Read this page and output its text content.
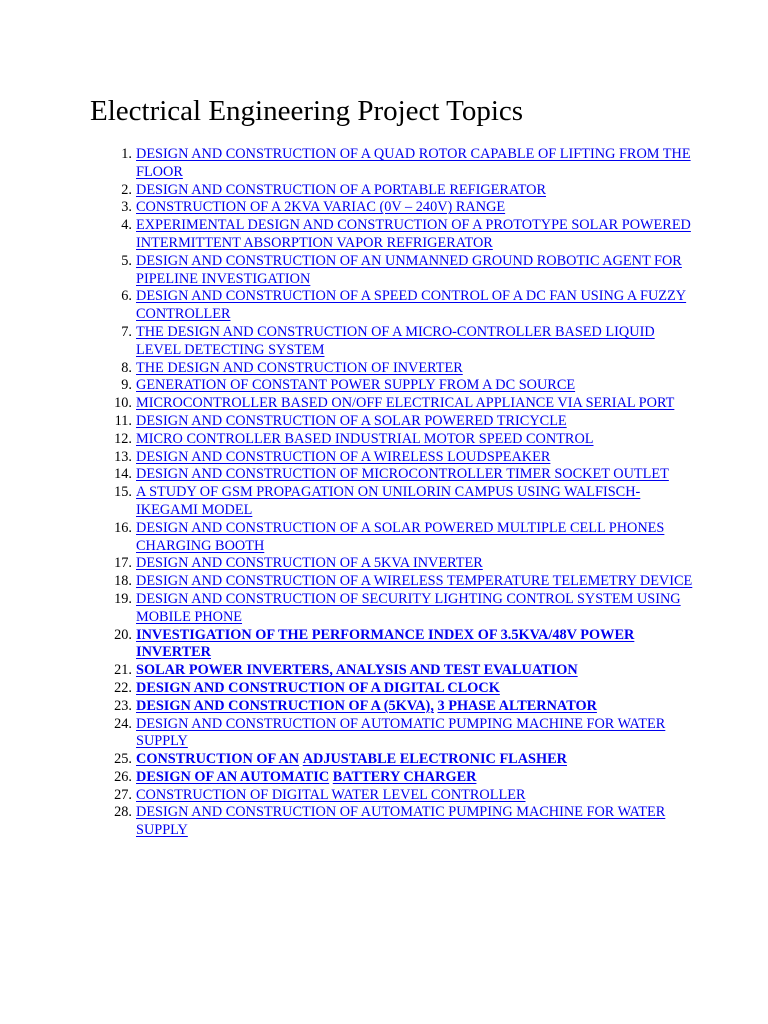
Electrical Engineering Project Topics
1 . DESIGN AND CONSTRUCTION OF A QUAD ROTOR CAPABLE OF LIFTING FROM THE FLOOR
2 . DESIGN AND CONSTRUCTION OF A PORTABLE REFIGERATOR
3 . CONSTRUCTION OF A 2KVA VARIAC (0V – 240V) RANGE
4 . EXPERIMENTAL DESIGN AND CONSTRUCTION OF A PROTOTYPE SOLAR POWERED INTERMITTENT ABSORPTION VAPOR REFRIGERATOR
5 . DESIGN AND CONSTRUCTION OF AN UNMANNED GROUND ROBOTIC AGENT FOR PIPELINE INVESTIGATION
6 . DESIGN AND CONSTRUCTION OF A SPEED CONTROL OF A DC FAN USING A FUZZY CONTROLLER
7 . THE DESIGN AND CONSTRUCTION OF A MICRO-CONTROLLER BASED LIQUID LEVEL DETECTING SYSTEM
8 . THE DESIGN AND CONSTRUCTION OF INVERTER
9 . GENERATION OF CONSTANT POWER SUPPLY FROM A DC SOURCE
10 . MICROCONTROLLER BASED ON/OFF ELECTRICAL APPLIANCE VIA SERIAL PORT
11 . DESIGN AND CONSTRUCTION OF A SOLAR POWERED TRICYCLE
12 . MICRO CONTROLLER BASED INDUSTRIAL MOTOR SPEED CONTROL
13 . DESIGN AND CONSTRUCTION OF A WIRELESS LOUDSPEAKER
14 . DESIGN AND CONSTRUCTION OF MICROCONTROLLER TIMER SOCKET OUTLET
15 . A STUDY OF GSM PROPAGATION ON UNILORIN CAMPUS USING WALFISCH-IKEGAMI MODEL
16 . DESIGN AND CONSTRUCTION OF A SOLAR POWERED MULTIPLE CELL PHONES CHARGING BOOTH
17 . DESIGN AND CONSTRUCTION OF A 5KVA INVERTER
18 . DESIGN AND CONSTRUCTION OF A WIRELESS TEMPERATURE TELEMETRY DEVICE
19 . DESIGN AND CONSTRUCTION OF SECURITY LIGHTING CONTROL SYSTEM USING MOBILE PHONE
20 . INVESTIGATION OF THE PERFORMANCE INDEX OF 3.5KVA/48V POWER INVERTER
21 . SOLAR POWER INVERTERS, ANALYSIS AND TEST EVALUATION
22 . DESIGN AND CONSTRUCTION OF A DIGITAL CLOCK
23 . DESIGN AND CONSTRUCTION OF A (5KVA), 3 PHASE ALTERNATOR
24 . DESIGN AND CONSTRUCTION OF AUTOMATIC PUMPING MACHINE FOR WATER SUPPLY
25 . CONSTRUCTION OF AN ADJUSTABLE ELECTRONIC FLASHER
26 . DESIGN OF AN AUTOMATIC BATTERY CHARGER
27 . CONSTRUCTION OF DIGITAL WATER LEVEL CONTROLLER
28 . DESIGN AND CONSTRUCTION OF AUTOMATIC PUMPING MACHINE FOR WATER SUPPLY
